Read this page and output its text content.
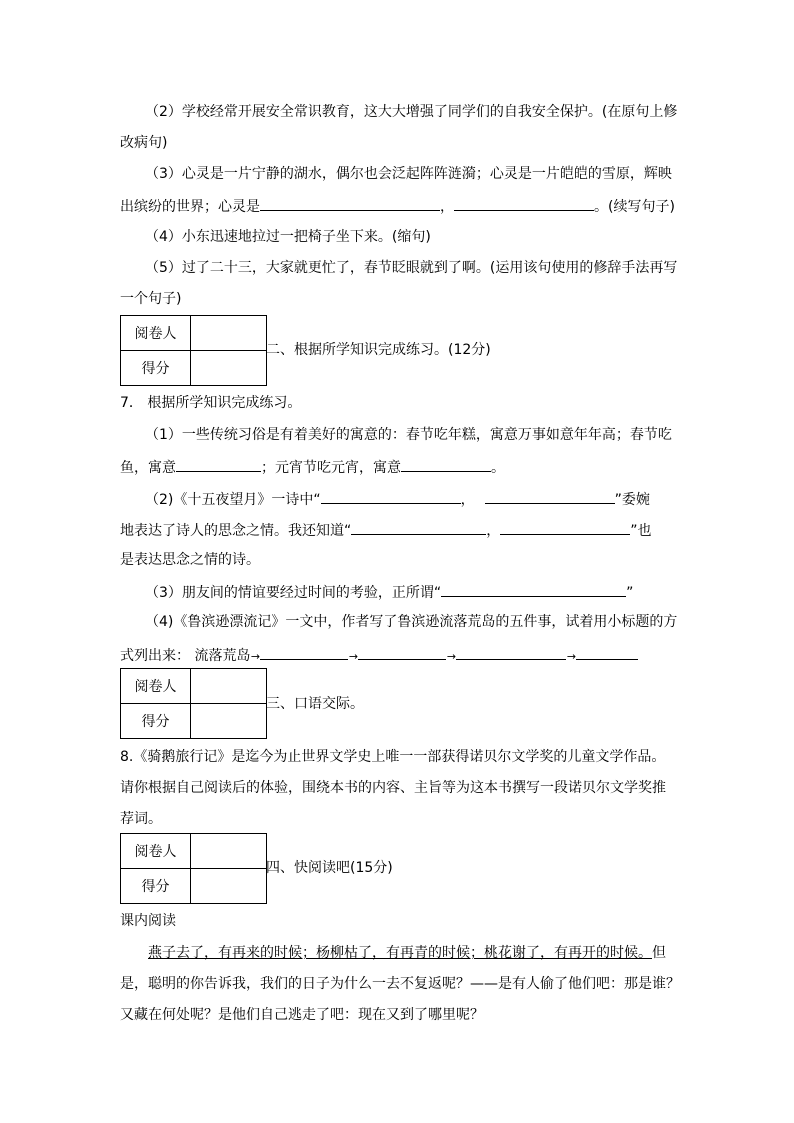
（2）学校经常开展安全常识教育，这大大增强了同学们的自我安全保护。(在原句上修
改病句)
（3）心灵是一片宁静的湖水，偶尔也会泛起阵阵涟漪；心灵是一片皑皑的雪原，辉映
出缤纷的世界；心灵是	，	。(续写句子)
（4）小东迅速地拉过一把椅子坐下来。(缩句)
（5）过了二十三，大家就更忙了，春节眨眼就到了啊。(运用该句使用的修辞手法再写
一个句子)
阅卷人	
得分	
二、根据所学知识完成练习。(12分)
7． 根据所学知识完成练习。
（1）一些传统习俗是有着美好的寓意的：春节吃年糕，寓意万事如意年年高；春节吃
鱼，寓意	；元宵节吃元宵，寓意	。
（2)《十五夜望月》一诗中“	，	”委婉
地表达了诗人的思念之情。我还知道“	，	”也
是表达思念之情的诗。
（3）朋友间的情谊要经过时间的考验，正所谓“	”
（4)《鲁滨逊漂流记》一文中，作者写了鲁滨逊流落荒岛的五件事，试着用小标题的方
式列出来： 流落荒岛→	→	→	→
阅卷人	
得分	
三、口语交际。
8.《骑鹅旅行记》是迄今为止世界文学史上唯一一部获得诺贝尔文学奖的儿童文学作品。
请你根据自己阅读后的体验，围绕本书的内容、主旨等为这本书撰写一段诺贝尔文学奖推
荐词。
阅卷人	
得分	
四、快阅读吧(15分)
课内阅读
燕子去了，有再来的时候；杨柳枯了，有再青的时候；桃花谢了，有再开的时候。但
是，聪明的你告诉我，我们的日子为什么一去不复返呢？——是有人偷了他们吧：那是谁？
又藏在何处呢？是他们自己逃走了吧：现在又到了哪里呢？
